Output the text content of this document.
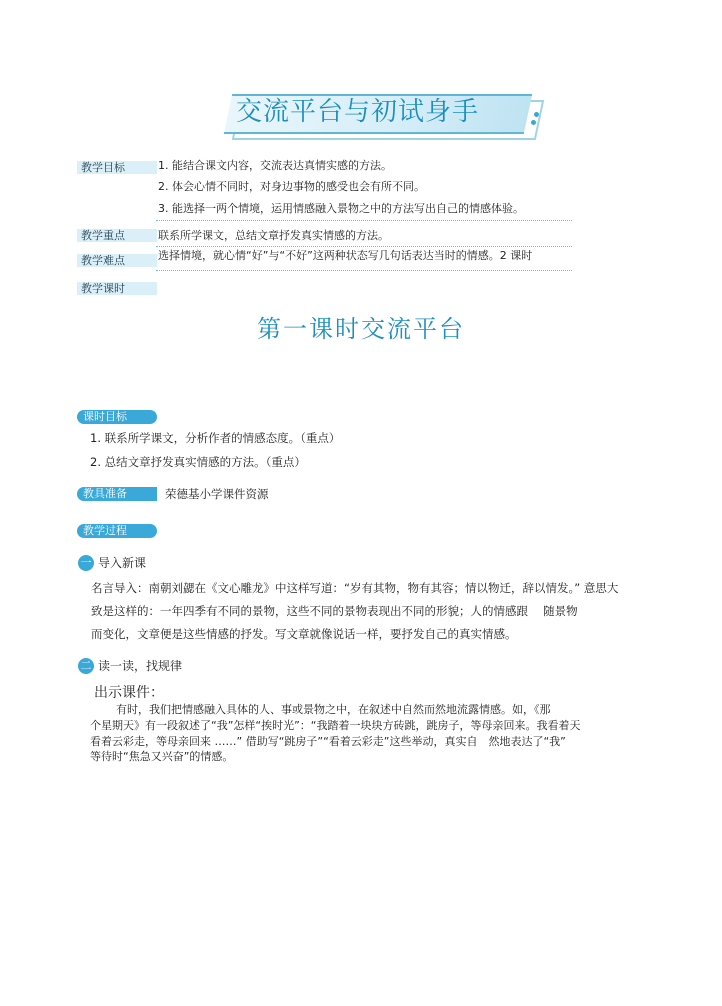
交流平台与初试身手
教学目标	1. 能结合课文内容，交流表达真情实感的方法。
2. 体会心情不同时，对身边事物的感受也会有所不同。
3. 能选择一两个情境，运用情感融入景物之中的方法写出自己的情感体验。
教学重点	联系所学课文，总结文章抒发真实情感的方法。
教学难点	选择情境，就心情“好”与“不好”这两种状态写几句话表达当时的情感。2 课时
教学课时
第一课时交流平台
课时目标
1. 联系所学课文，分析作者的情感态度。（重点）
2. 总结文章抒发真实情感的方法。（重点）
教具准备	荣德基小学课件资源
教学过程
一 导入新课
名言导入：南朝刘勰在《文心雕龙》中这样写道：“岁有其物，物有其容；情以物迁，辞以情发。” 意思大
致是这样的：一年四季有不同的景物，这些不同的景物表现出不同的形貌；人的情感跟　 随景物
而变化，文章便是这些情感的抒发。写文章就像说话一样，要抒发自己的真实情感。
二 读一读，找规律
出示课件：
有时，我们把情感融入具体的人、事或景物之中，在叙述中自然而然地流露情感。如，《那
个星期天》有一段叙述了“我”怎样“挨时光”：“我踏着一块块方砖跳，跳房子，等母亲回来。我看着天
看着云彩走，等母亲回来 ……” 借助写“跳房子”“看着云彩走”这些举动，真实自　然地表达了“我”
等待时“焦急又兴奋”的情感。
